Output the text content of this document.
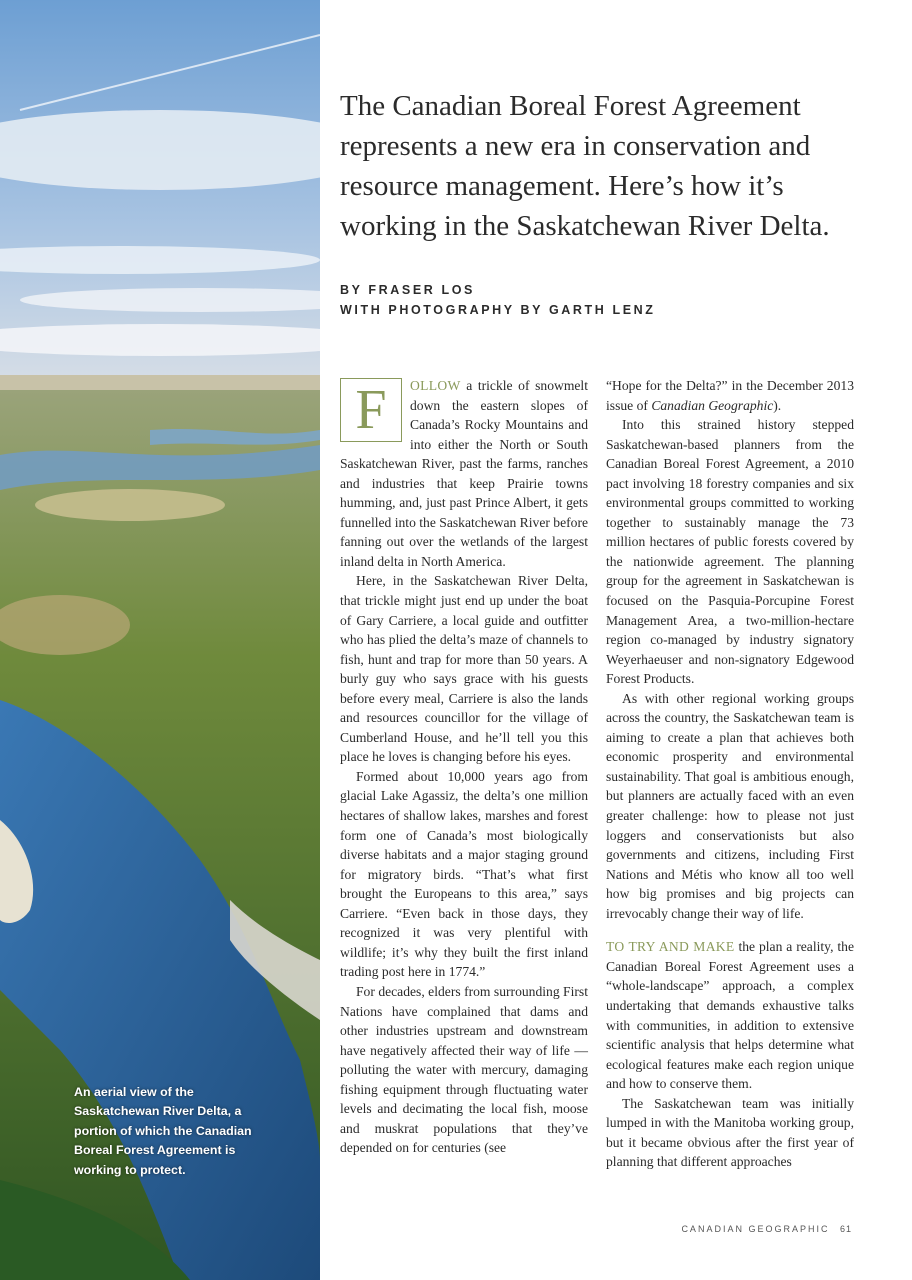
An aerial view of the Saskatchewan River Delta, a portion of which the Canadian Boreal Forest Agreement is working to protect.
The Canadian Boreal Forest Agreement represents a new era in conservation and resource management. Here’s how it’s working in the Saskatchewan River Delta.
BY FRASER LOS
WITH PHOTOGRAPHY BY GARTH LENZ

F	OLLOW a trickle of snowmelt down the eastern slopes of Canada’s Rocky Mountains and into either the North or South Saskatchewan River, past the farms, ranches and industries that keep Prairie towns humming, and, just past Prince Albert, it gets funnelled into the Saskatchewan River before fanning out over the wetlands of the largest inland delta in North America.

Here, in the Saskatchewan River Delta, that trickle might just end up under the boat of Gary Carriere, a local guide and outfitter who has plied the delta’s maze of channels to fish, hunt and trap for more than 50 years. A burly guy who says grace with his guests before every meal, Carriere is also the lands and resources councillor for the village of Cumberland House, and he’ll tell you this place he loves is changing before his eyes.

Formed about 10,000 years ago from glacial Lake Agassiz, the delta’s one million hectares of shallow lakes, marshes and forest form one of Canada’s most biologically diverse habitats and a major staging ground for migratory birds. “That’s what first brought the Europeans to this area,” says Carriere. “Even back in those days, they recognized it was very plentiful with wildlife; it’s why they built the first inland trading post here in 1774.”

For decades, elders from surrounding First Nations have complained that dams and other industries upstream and downstream have negatively affected their way of life — polluting the water with mercury, damaging fishing equipment through fluctuating water levels and decimating the local fish, moose and muskrat populations that they’ve depended on for centuries (see

“Hope for the Delta?” in the December 2013 issue of Canadian Geographic).

Into this strained history stepped Saskatchewan-based planners from the Canadian Boreal Forest Agreement, a 2010 pact involving 18 forestry companies and six environmental groups committed to working together to sustainably manage the 73 million hectares of public forests covered by the nationwide agreement. The planning group for the agreement in Saskatchewan is focused on the Pasquia-Porcupine Forest Management Area, a two-million-hectare region co-managed by industry signatory Weyerhaeuser and non-signatory Edgewood Forest Products.

As with other regional working groups across the country, the Saskatchewan team is aiming to create a plan that achieves both economic prosperity and environmental sustainability. That goal is ambitious enough, but planners are actually faced with an even greater challenge: how to please not just loggers and conservationists but also governments and citizens, including First Nations and Métis who know all too well how big promises and big projects can irrevocably change their way of life.

TO TRY AND MAKE the plan a reality, the Canadian Boreal Forest Agreement uses a “whole-landscape” approach, a complex undertaking that demands exhaustive talks with communities, in addition to extensive scientific analysis that helps determine what ecological features make each region unique and how to conserve them.

The Saskatchewan team was initially lumped in with the Manitoba working group, but it became obvious after the first year of planning that different approaches

CANADIAN GEOGRAPHIC 61
